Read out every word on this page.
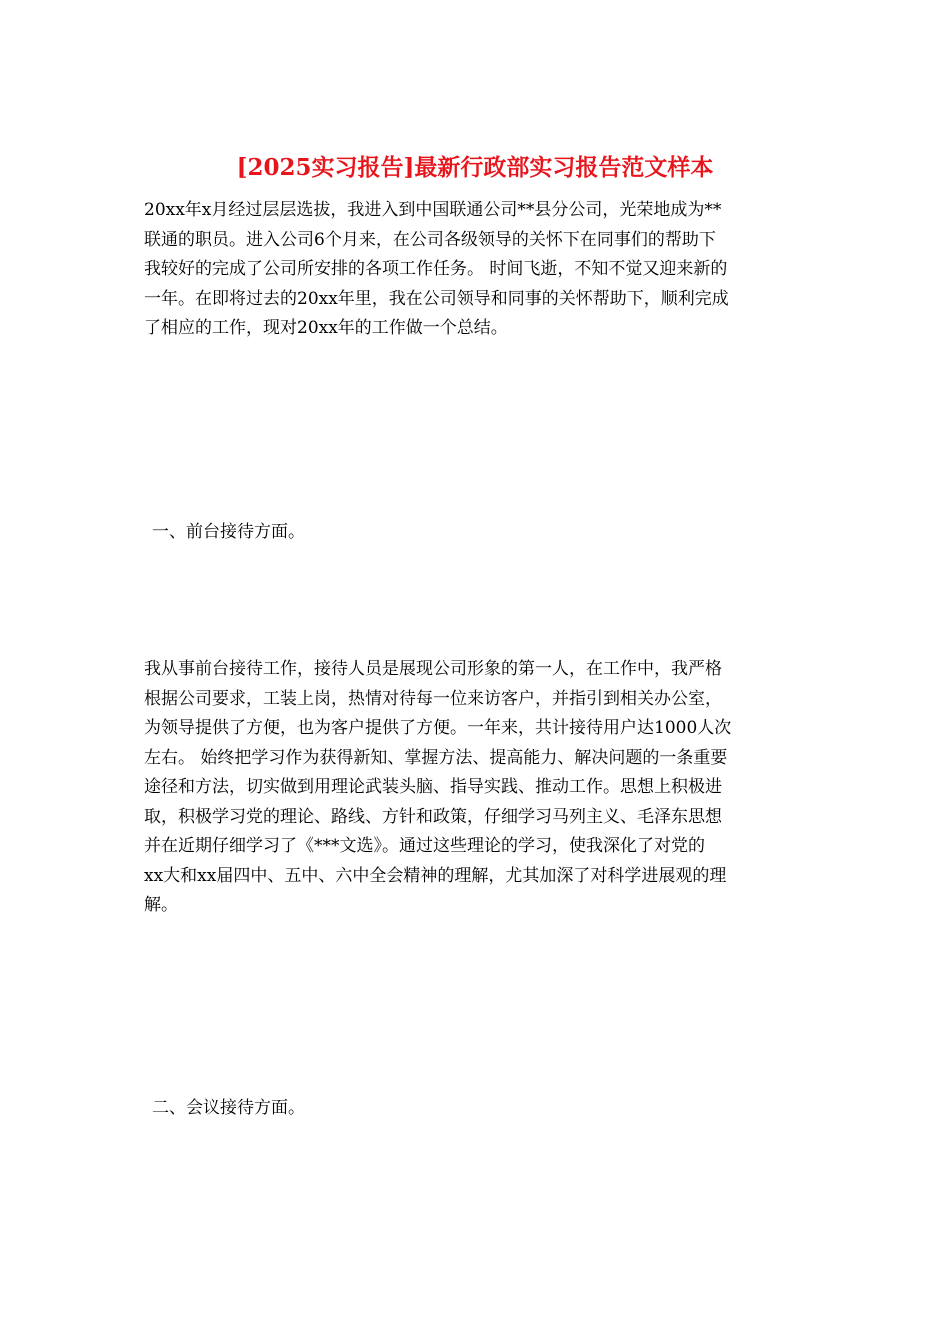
[2025实习报告]最新行政部实习报告范文样本
20xx年x月经过层层选拔，我进入到中国联通公司**县分公司，光荣地成为**
联通的职员。进入公司6个月来，在公司各级领导的关怀下在同事们的帮助下
我较好的完成了公司所安排的各项工作任务。 时间飞逝，不知不觉又迎来新的
一年。在即将过去的20xx年里，我在公司领导和同事的关怀帮助下，顺利完成
了相应的工作，现对20xx年的工作做一个总结。
一、前台接待方面。
我从事前台接待工作，接待人员是展现公司形象的第一人，在工作中，我严格
根据公司要求，工装上岗，热情对待每一位来访客户，并指引到相关办公室，
为领导提供了方便，也为客户提供了方便。一年来，共计接待用户达1000人次
左右。 始终把学习作为获得新知、掌握方法、提高能力、解决问题的一条重要
途径和方法，切实做到用理论武装头脑、指导实践、推动工作。思想上积极进
取，积极学习党的理论、路线、方针和政策，仔细学习马列主义、毛泽东思想
并在近期仔细学习了《***文选》。通过这些理论的学习，使我深化了对党的
xx大和xx届四中、五中、六中全会精神的理解，尤其加深了对科学进展观的理
解。
二、会议接待方面。
